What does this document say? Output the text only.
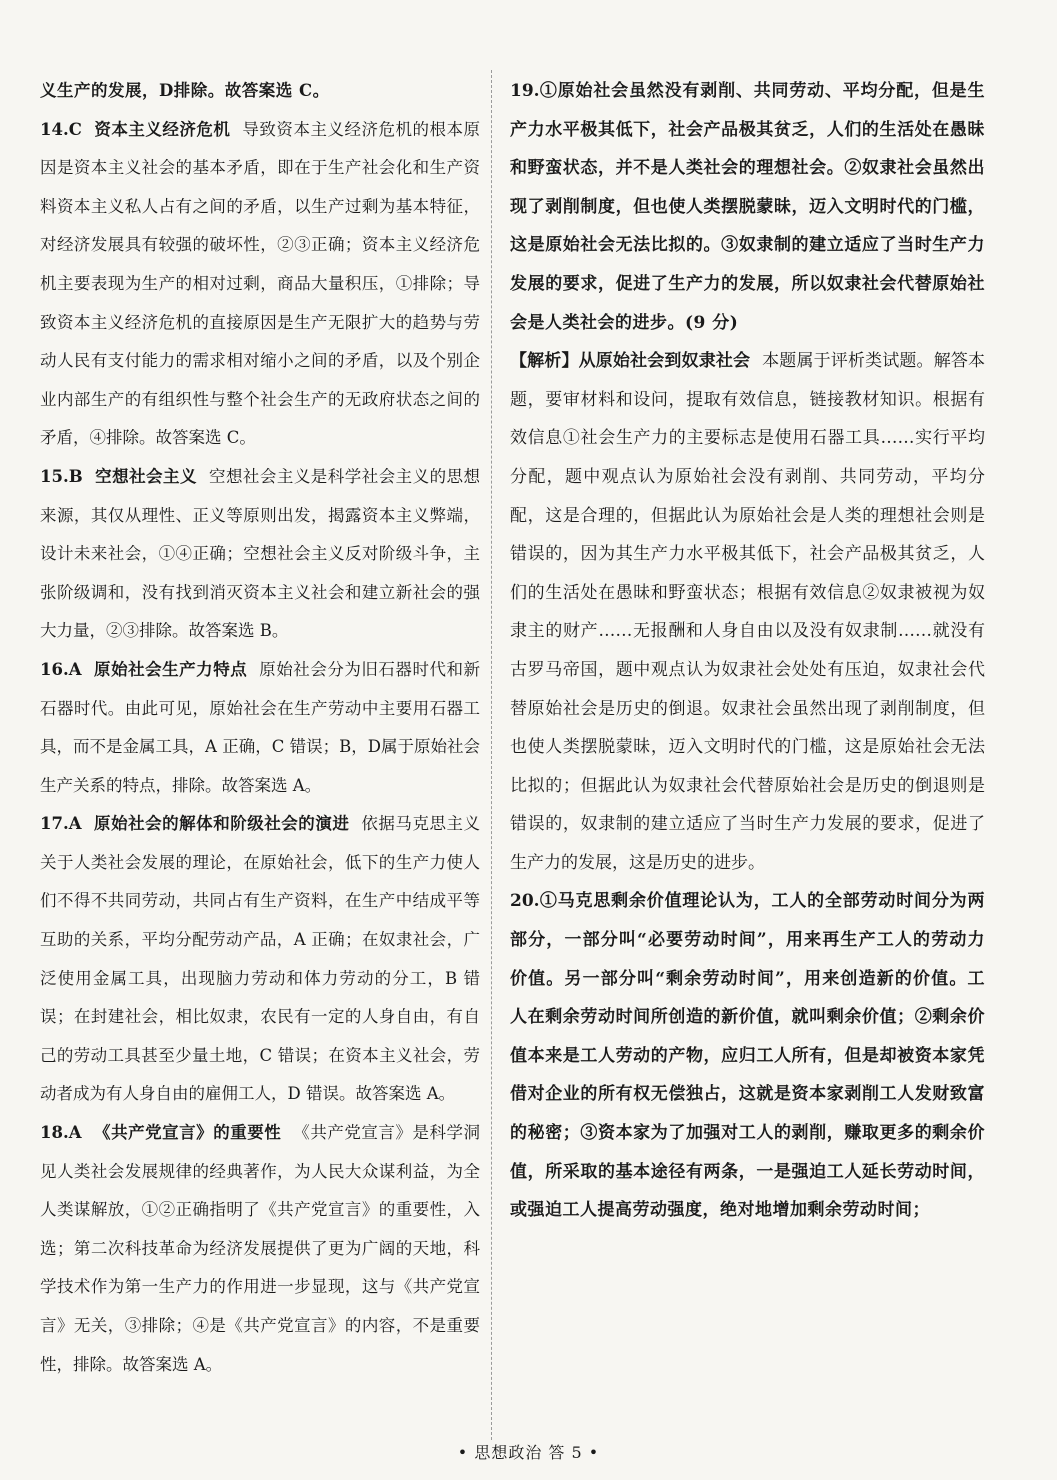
义生产的发展，D排除。故答案选 C。

14.C 资本主义经济危机 导致资本主义经济危机的根本原因是资本主义社会的基本矛盾，即在于生产社会化和生产资料资本主义私人占有之间的矛盾，以生产过剩为基本特征，对经济发展具有较强的破坏性，②③正确；资本主义经济危机主要表现为生产的相对过剩，商品大量积压，①排除；导致资本主义经济危机的直接原因是生产无限扩大的趋势与劳动人民有支付能力的需求相对缩小之间的矛盾，以及个别企业内部生产的有组织性与整个社会生产的无政府状态之间的矛盾，④排除。故答案选 C。

15.B 空想社会主义 空想社会主义是科学社会主义的思想来源，其仅从理性、正义等原则出发，揭露资本主义弊端，设计未来社会，①④正确；空想社会主义反对阶级斗争，主张阶级调和，没有找到消灭资本主义社会和建立新社会的强大力量，②③排除。故答案选 B。

16.A 原始社会生产力特点 原始社会分为旧石器时代和新石器时代。由此可见，原始社会在生产劳动中主要用石器工具，而不是金属工具，A 正确，C 错误；B，D属于原始社会生产关系的特点，排除。故答案选 A。

17.A 原始社会的解体和阶级社会的演进 依据马克思主义关于人类社会发展的理论，在原始社会，低下的生产力使人们不得不共同劳动，共同占有生产资料，在生产中结成平等互助的关系，平均分配劳动产品，A 正确；在奴隶社会，广泛使用金属工具，出现脑力劳动和体力劳动的分工，B 错误；在封建社会，相比奴隶，农民有一定的人身自由，有自己的劳动工具甚至少量土地，C 错误；在资本主义社会，劳动者成为有人身自由的雇佣工人，D 错误。故答案选 A。

18.A 《共产党宣言》的重要性 《共产党宣言》是科学洞见人类社会发展规律的经典著作，为人民大众谋利益，为全人类谋解放，①②正确指明了《共产党宣言》的重要性，入选；第二次科技革命为经济发展提供了更为广阔的天地，科学技术作为第一生产力的作用进一步显现，这与《共产党宣言》无关，③排除；④是《共产党宣言》的内容，不是重要性，排除。故答案选 A。

19.①原始社会虽然没有剥削、共同劳动、平均分配，但是生产力水平极其低下，社会产品极其贫乏，人们的生活处在愚昧和野蛮状态，并不是人类社会的理想社会。②奴隶社会虽然出现了剥削制度，但也使人类摆脱蒙昧，迈入文明时代的门槛，这是原始社会无法比拟的。③奴隶制的建立适应了当时生产力发展的要求，促进了生产力的发展，所以奴隶社会代替原始社会是人类社会的进步。(9 分)

【解析】从原始社会到奴隶社会 本题属于评析类试题。解答本题，要审材料和设问，提取有效信息，链接教材知识。根据有效信息①社会生产力的主要标志是使用石器工具……实行平均分配，题中观点认为原始社会没有剥削、共同劳动，平均分配，这是合理的，但据此认为原始社会是人类的理想社会则是错误的，因为其生产力水平极其低下，社会产品极其贫乏，人们的生活处在愚昧和野蛮状态；根据有效信息②奴隶被视为奴隶主的财产……无报酬和人身自由以及没有奴隶制……就没有古罗马帝国，题中观点认为奴隶社会处处有压迫，奴隶社会代替原始社会是历史的倒退。奴隶社会虽然出现了剥削制度，但也使人类摆脱蒙昧，迈入文明时代的门槛，这是原始社会无法比拟的；但据此认为奴隶社会代替原始社会是历史的倒退则是错误的，奴隶制的建立适应了当时生产力发展的要求，促进了生产力的发展，这是历史的进步。

20.①马克思剩余价值理论认为，工人的全部劳动时间分为两部分，一部分叫“必要劳动时间”，用来再生产工人的劳动力价值。另一部分叫“剩余劳动时间”，用来创造新的价值。工人在剩余劳动时间所创造的新价值，就叫剩余价值；②剩余价值本来是工人劳动的产物，应归工人所有，但是却被资本家凭借对企业的所有权无偿独占，这就是资本家剥削工人发财致富的秘密；③资本家为了加强对工人的剥削，赚取更多的剩余价值，所采取的基本途径有两条，一是强迫工人延长劳动时间，或强迫工人提高劳动强度，绝对地增加剩余劳动时间；

• 思想政治 答 5 •
